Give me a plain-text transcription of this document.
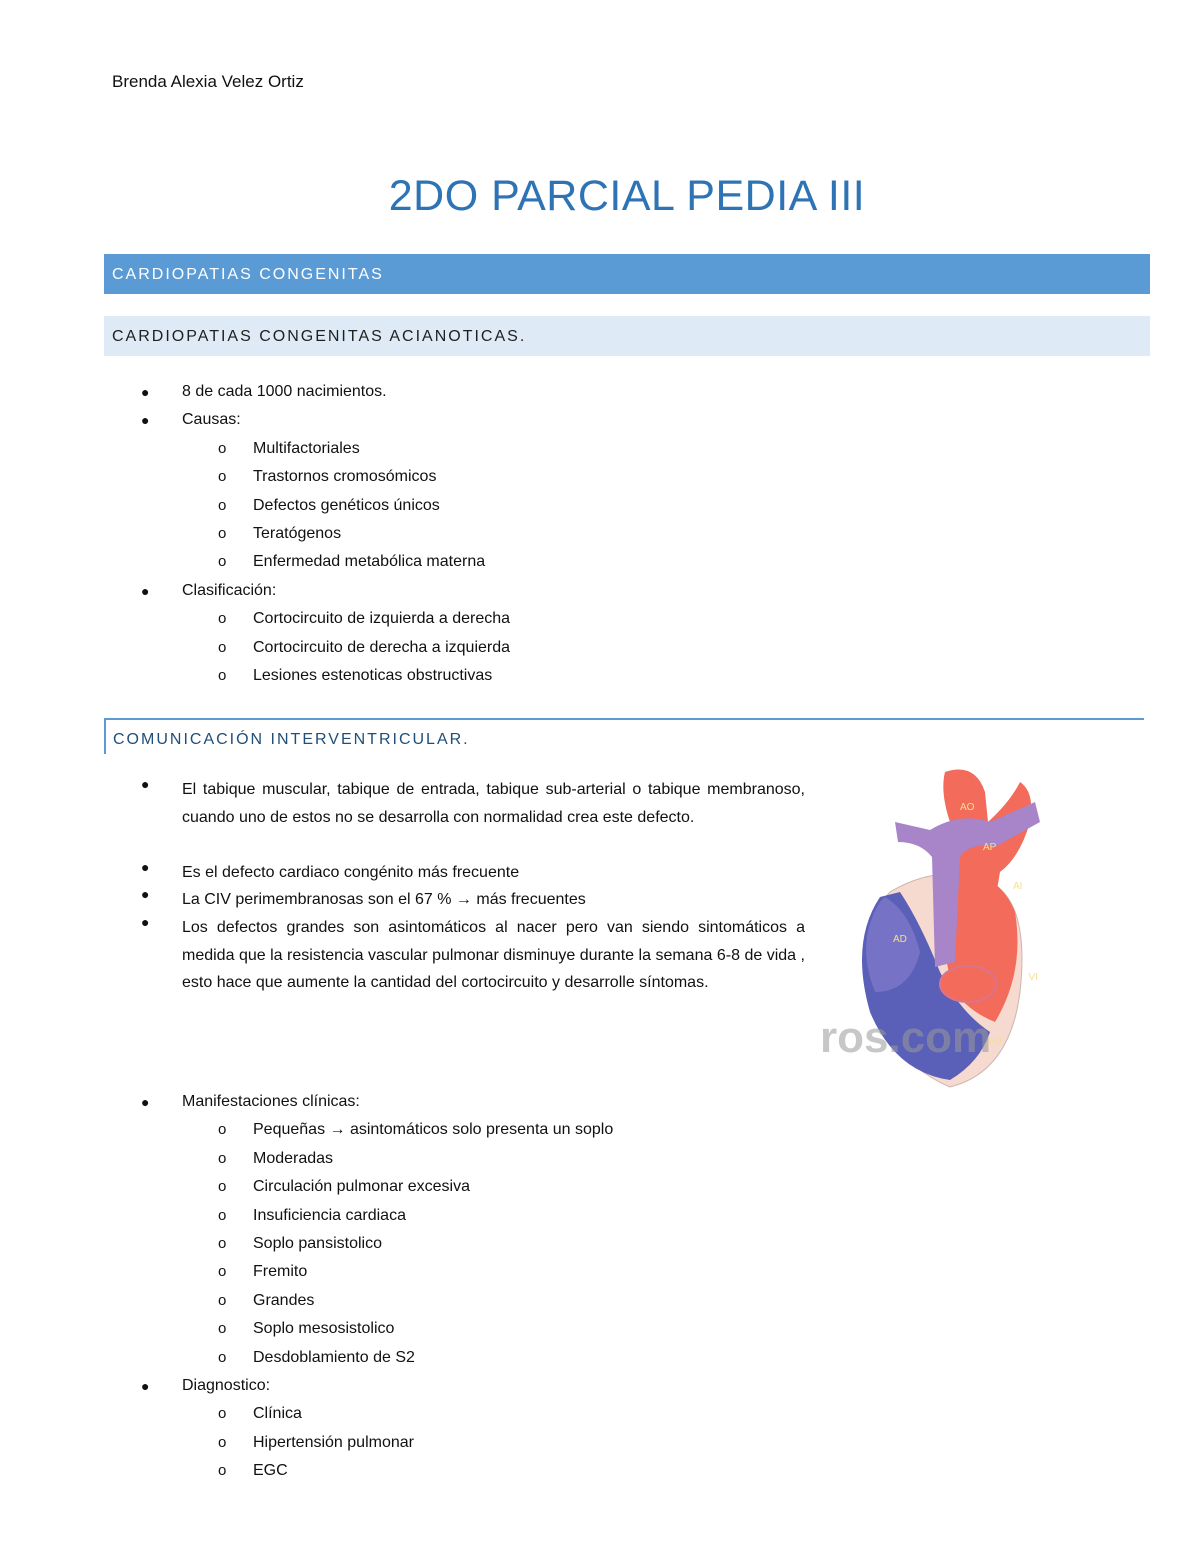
Brenda Alexia Velez Ortiz
2DO PARCIAL PEDIA III
CARDIOPATIAS CONGENITAS
CARDIOPATIAS CONGENITAS ACIANOTICAS.
● 8 de cada 1000 nacimientos.
● Causas:
o Multifactoriales
o Trastornos cromosómicos
o Defectos genéticos únicos
o Teratógenos
o Enfermedad metabólica materna
● Clasificación:
o Cortocircuito de izquierda a derecha
o Cortocircuito de derecha a izquierda
o Lesiones estenoticas obstructivas
COMUNICACIÓN INTERVENTRICULAR.
● El tabique muscular, tabique de entrada, tabique sub-arterial o tabique membranoso, cuando uno de estos no se desarrolla con normalidad crea este defecto.
● Es el defecto cardiaco congénito más frecuente
● La CIV perimembranosas son el 67 % → más frecuentes
● Los defectos grandes son asintomáticos al nacer pero van siendo sintomáticos a medida que la resistencia vascular pulmonar disminuye durante la semana 6-8 de vida , esto hace que aumente la cantidad del cortocircuito y desarrolle síntomas.
● Manifestaciones clínicas:
o Pequeñas → asintomáticos solo presenta un soplo
o Moderadas
o Circulación pulmonar excesiva
o Insuficiencia cardiaca
o Soplo pansistolico
o Fremito
o Grandes
o Soplo mesosistolico
o Desdoblamiento de S2
● Diagnostico:
o Clínica
o Hipertensión pulmonar
o EGC
AO
AP
AI
AD
VI
VD
ros.com
